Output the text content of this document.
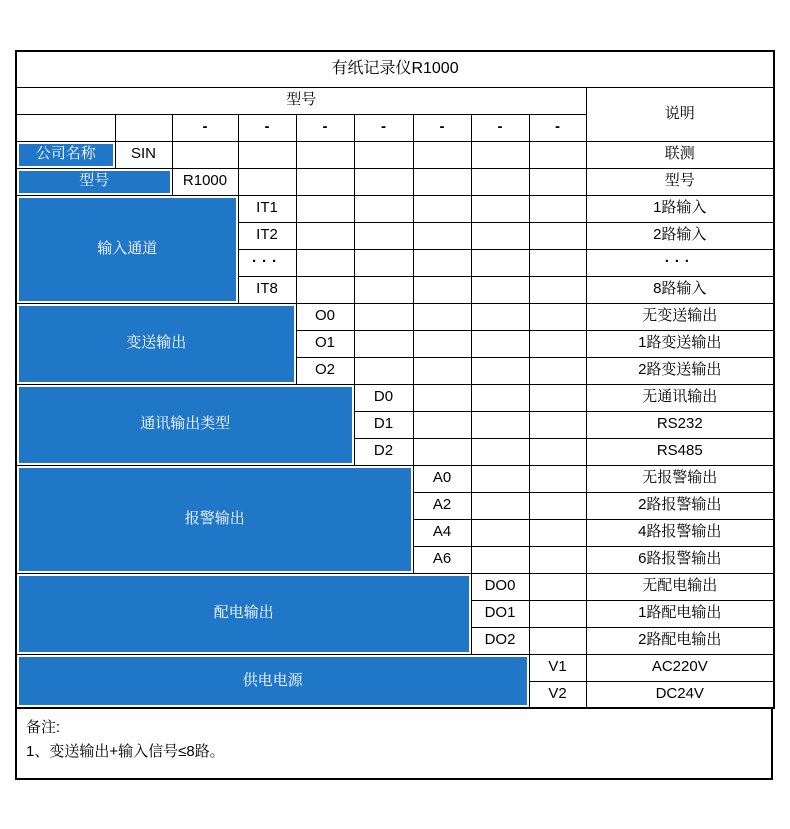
有纸记录仪R1000									
型号									说明
		-	-	-	-	-	-	-	
公司名称	SIN								联测
型号		R1000							型号
输入通道			IT1						1路输入
			IT2						2路输入
			···						···
			IT8						8路输入
变送输出				O0					无变送输出
				O1					1路变送输出
				O2					2路变送输出
通讯输出类型					D0				无通讯输出
					D1				RS232
					D2				RS485
报警输出						A0			无报警输出
						A2			2路报警输出
						A4			4路报警输出
						A6			6路报警输出
配电输出							DO0		无配电输出
							DO1		1路配电输出
							DO2		2路配电输出
供电电源								V1	AC220V
								V2	DC24V
备注:
1、变送输出+输入信号≤8路。
